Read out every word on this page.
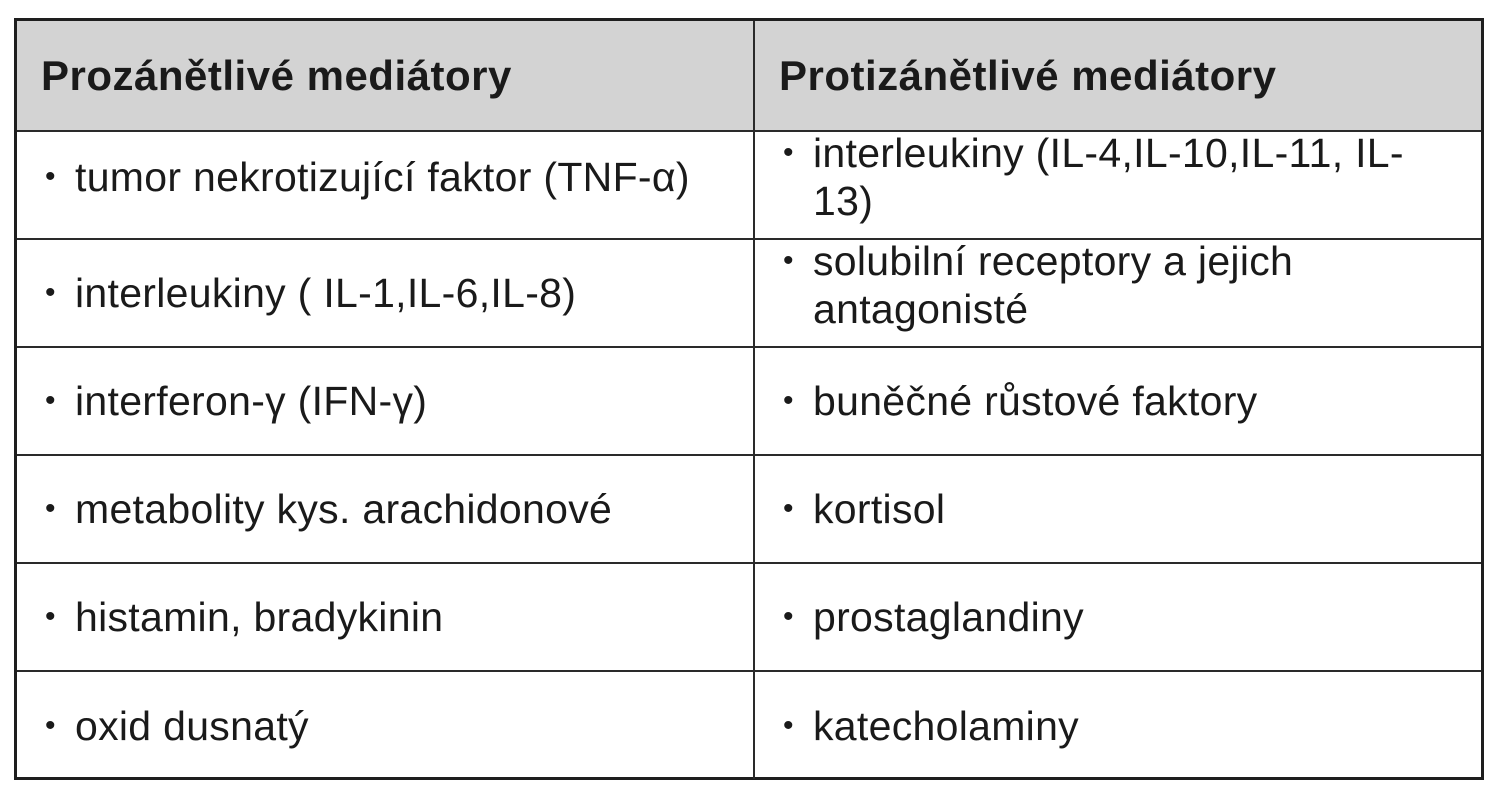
Prozánětlivé mediátory	Protizánětlivé mediátory

• tumor nekrotizující faktor (TNF-α)	• interleukiny (IL-4,IL-10,IL-11, IL-13)

• interleukiny ( IL-1,IL-6,IL-8)	• solubilní receptory a jejich antagonisté

• interferon-γ (IFN-γ)	• buněčné růstové faktory

• metabolity kys. arachidonové	• kortisol

• histamin, bradykinin	• prostaglandiny

• oxid dusnatý	• katecholaminy
